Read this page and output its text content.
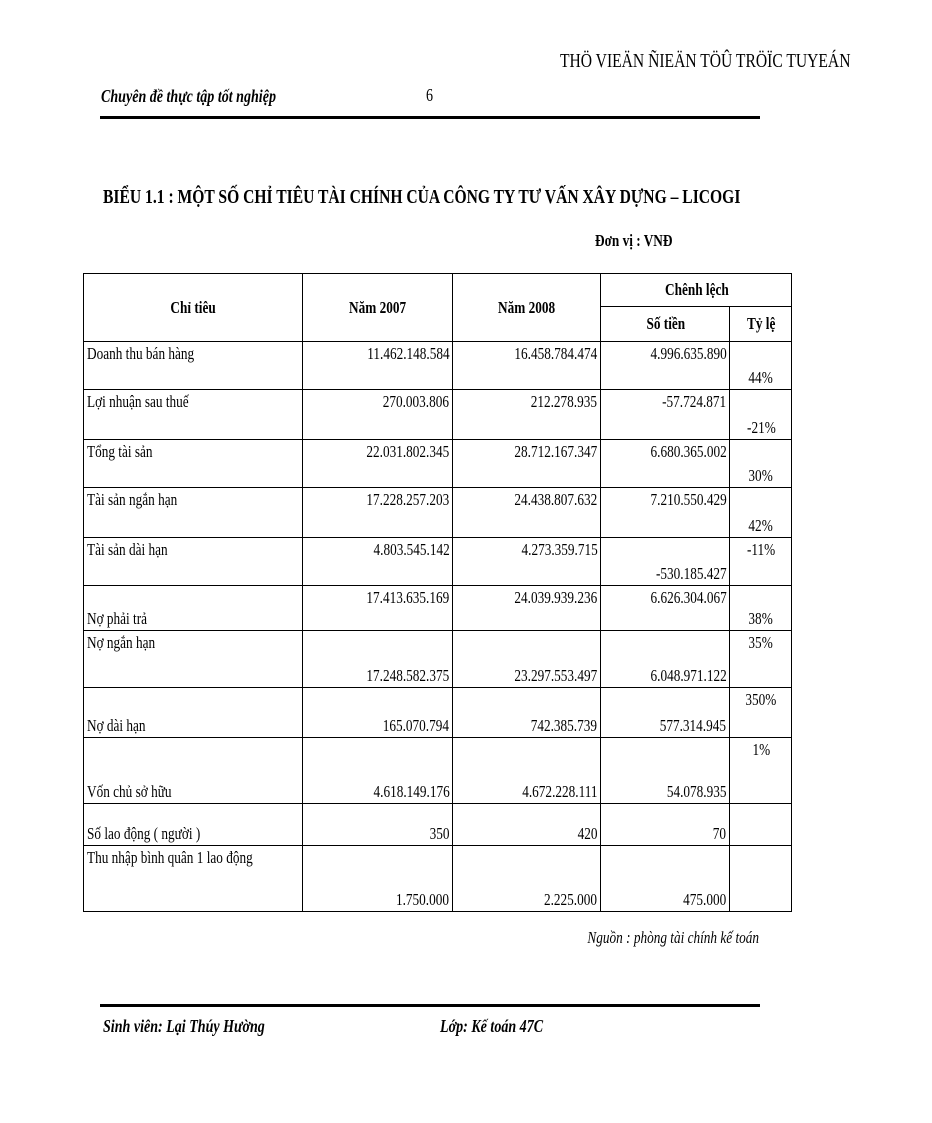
THÖ VIEÄN ÑIEÄN TÖÛ TRÖÏC TUYEÁN
Chuyên đề thực tập tốt nghiệp	6
BIỂU 1.1 : MỘT SỐ CHỈ TIÊU TÀI CHÍNH CỦA CÔNG TY TƯ VẤN XÂY DỰNG – LICOGI
Đơn vị : VNĐ
Chỉ tiêu	Năm 2007	Năm 2008	Chênh lệch	
			Số tiền	Tỷ lệ
Doanh thu bán hàng	11.462.148.584	16.458.784.474	4.996.635.890	44%
Lợi nhuận sau thuế	270.003.806	212.278.935	-57.724.871	-21%
Tổng tài sản	22.031.802.345	28.712.167.347	6.680.365.002	30%
Tài sản ngắn hạn	17.228.257.203	24.438.807.632	7.210.550.429	42%
Tài sản dài hạn	4.803.545.142	4.273.359.715	-530.185.427	-11%
Nợ phải trả	17.413.635.169	24.039.939.236	6.626.304.067	38%
Nợ ngắn hạn	17.248.582.375	23.297.553.497	6.048.971.122	35%
Nợ dài hạn	165.070.794	742.385.739	577.314.945	350%
Vốn chủ sở hữu	4.618.149.176	4.672.228.111	54.078.935	1%
Số lao động ( người )	350	420	70	
Thu nhập bình quân 1 lao động	1.750.000	2.225.000	475.000	
Nguồn : phòng tài chính kế toán
Sinh viên: Lại Thúy Hường	Lớp: Kế toán 47C
